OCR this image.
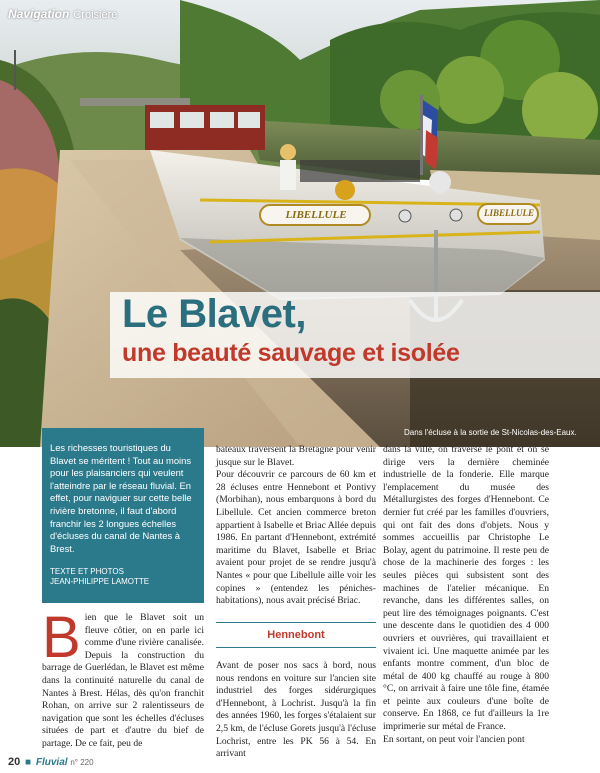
Navigation Croisière
Le Blavet,
une beauté sauvage et isolée
Dans l'écluse à la sortie de St-Nicolas-des-Eaux.
LIBELLULE	LIBELLULE
Les richesses touristiques du Blavet se méritent ! Tout au moins pour les plaisanciers qui veulent l'atteindre par le réseau fluvial. En effet, pour naviguer sur cette belle rivière bretonne, il faut d'abord franchir les 2 longues échelles d'écluses du canal de Nantes à Brest.
TEXTE ET PHOTOS
JEAN-PHILIPPE LAMOTTE
B ien que le Blavet soit un fleuve côtier, on en parle ici comme d'une rivière canalisée. Depuis la construction du barrage de Guerlédan, le Blavet est même dans la continuité naturelle du canal de Nantes à Brest. Hélas, dès qu'on franchit Rohan, on arrive sur 2 ralentisseurs de navigation que sont les échelles d'écluses situées de part et d'autre du bief de partage. De ce fait, peu de

bateaux traversent la Bretagne pour venir jusque sur le Blavet.

Pour découvrir ce parcours de 60 km et 28 écluses entre Hennebont et Pontivy (Morbihan), nous embarquons à bord du Libellule. Cet ancien commerce breton appartient à Isabelle et Briac Allée depuis 1986. En partant d'Hennebont, extrémité maritime du Blavet, Isabelle et Briac avaient pour projet de se rendre jusqu'à Nantes « pour que Libellule aille voir les copines » (entendez les péniches-habitations), nous avait précisé Briac.

Hennebont

Avant de poser nos sacs à bord, nous nous rendons en voiture sur l'ancien site industriel des forges sidérurgiques d'Hennebont, à Lochrist. Jusqu'à la fin des années 1960, les forges s'étalaient sur 2,5 km, de l'écluse Gorets jusqu'à l'écluse Lochrist, entre les PK 56 à 54. En arrivant

dans la ville, on traverse le pont et on se dirige vers la dernière cheminée industrielle de la fonderie. Elle marque l'emplacement du musée des Métallurgistes des forges d'Hennebont. Ce dernier fut créé par les familles d'ouvriers, qui ont fait des dons d'objets. Nous y sommes accueillis par Christophe Le Bolay, agent du patrimoine. Il reste peu de chose de la machinerie des forges : les seules pièces qui subsistent sont des machines de l'atelier mécanique. En revanche, dans les différentes salles, on peut lire des témoignages poignants. C'est une descente dans le quotidien des 4 000 ouvriers et ouvrières, qui travaillaient et vivaient ici. Une maquette animée par les enfants montre comment, d'un bloc de métal de 400 kg chauffé au rouge à 800 °C, on arrivait à faire une tôle fine, étamée et peinte aux couleurs d'une boîte de conserve. En 1868, ce fut d'ailleurs la 1re imprimerie sur métal de France.

En sortant, on peut voir l'ancien pont

20 ■ Fluvial n° 220
